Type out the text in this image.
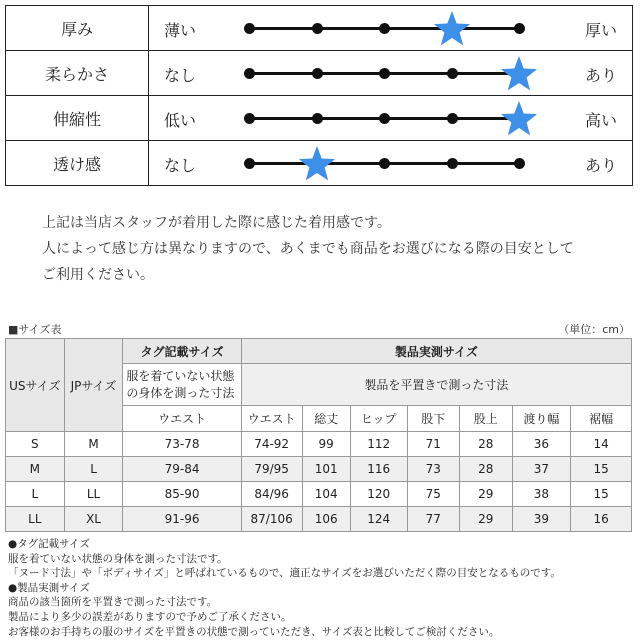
厚み	薄い 厚い

柔らかさ	なし あり

伸縮性	低い 高い

透け感	なし あり
上記は当店スタッフが着用した際に感じた着用感です。
人によって感じ方は異なりますので、あくまでも商品をお選びになる際の目安として
ご利用ください。
■サイズ表	（単位：cm）
USサイズ	JPサイズ	タグ記載サイズ	製品実測サイズ						

		服を着ていない状態
の身体を測った寸法	製品を平置きで測った寸法						
		ウエスト	ウエスト	総丈	ヒップ	股下	股上	渡り幅	裾幅
S	M	73-78	74-92	99	112	71	28	36	14
M	L	79-84	79/95	101	116	73	28	37	15
L	LL	85-90	84/96	104	120	75	29	38	15
LL	XL	91-96	87/106	106	124	77	29	39	16
●タグ記載サイズ
服を着ていない状態の身体を測った寸法です。
「ヌード寸法」や「ボディサイズ」と呼ばれているもので、適正なサイズをお選びいただく際の目安となるものです。
●製品実測サイズ
商品の該当箇所を平置きで測った寸法です。
製品により多少の誤差がありますので予めご了承ください。
お客様のお手持ちの服のサイズを平置きの状態で測っていただき、サイズ表と比較してご検討ください。
